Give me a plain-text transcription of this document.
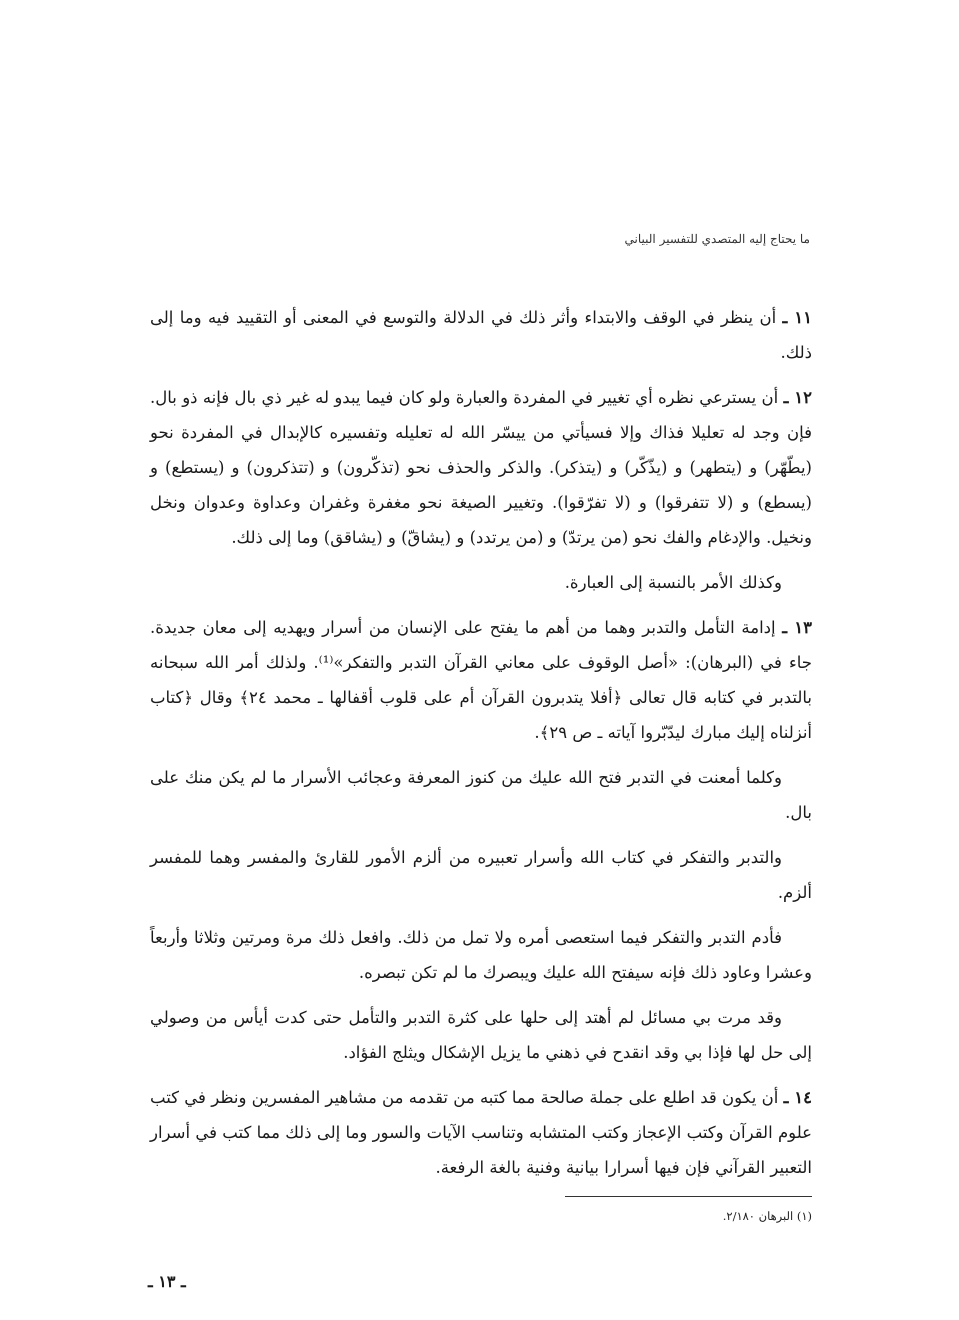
ما يحتاج إليه المتصدي للتفسير البياني

١١ ـ أن ينظر في الوقف والابتداء وأثر ذلك في الدلالة والتوسع في المعنى أو التقييد فيه وما إلى ذلك.

١٢ ـ أن يسترعي نظره أي تغيير في المفردة والعبارة ولو كان فيما يبدو له غير ذي بال فإنه ذو بال. فإن وجد له تعليلا فذاك وإلا فسيأتي من ييسّر الله له تعليله وتفسيره كالإبدال في المفردة نحو (يطّهّر) و (يتطهر) و (يذّكّر) و (يتذكر). والذكر والحذف نحو (تذكّرون) و (تتذكرون) و (يستطع) و (يسطع) و (لا تتفرقوا) و (لا تفرّقوا). وتغيير الصيغة نحو مغفرة وغفران وعداوة وعدوان ونخل ونخيل. والإدغام والفك نحو (من يرتدّ) و (من يرتدد) و (يشاقّ) و (يشاقق) وما إلى ذلك.

وكذلك الأمر بالنسبة إلى العبارة.

١٣ ـ إدامة التأمل والتدبر وهما من أهم ما يفتح على الإنسان من أسرار ويهديه إلى معان جديدة. جاء في (البرهان): «أصل الوقوف على معاني القرآن التدبر والتفكر»⁽¹⁾. ولذلك أمر الله سبحانه بالتدبر في كتابه قال تعالى ﴿أفلا يتدبرون القرآن أم على قلوب أقفالها ـ محمد ٢٤﴾ وقال ﴿كتاب أنزلناه إليك مبارك ليدّبّروا آياته ـ ص ٢٩﴾.

وكلما أمعنت في التدبر فتح الله عليك من كنوز المعرفة وعجائب الأسرار ما لم يكن منك على بال.

والتدبر والتفكر في كتاب الله وأسرار تعبيره من ألزم الأمور للقارئ والمفسر وهما للمفسر ألزم.

فأدم التدبر والتفكر فيما استعصى أمره ولا تمل من ذلك. وافعل ذلك مرة ومرتين وثلاثا وأربعاً وعشرا وعاود ذلك فإنه سيفتح الله عليك ويبصرك ما لم تكن تبصره.

وقد مرت بي مسائل لم أهتد إلى حلها على كثرة التدبر والتأمل حتى كدت أيأس من وصولي إلى حل لها فإذا بي وقد انقدح في ذهني ما يزيل الإشكال ويثلج الفؤاد.

١٤ ـ أن يكون قد اطلع على جملة صالحة مما كتبه من تقدمه من مشاهير المفسرين ونظر في كتب علوم القرآن وكتب الإعجاز وكتب المتشابه وتناسب الآيات والسور وما إلى ذلك مما كتب في أسرار التعبير القرآني فإن فيها أسرارا بيانية وفنية بالغة الرفعة.

(١) البرهان ٢/١٨٠.
ـ ١٣ ـ
